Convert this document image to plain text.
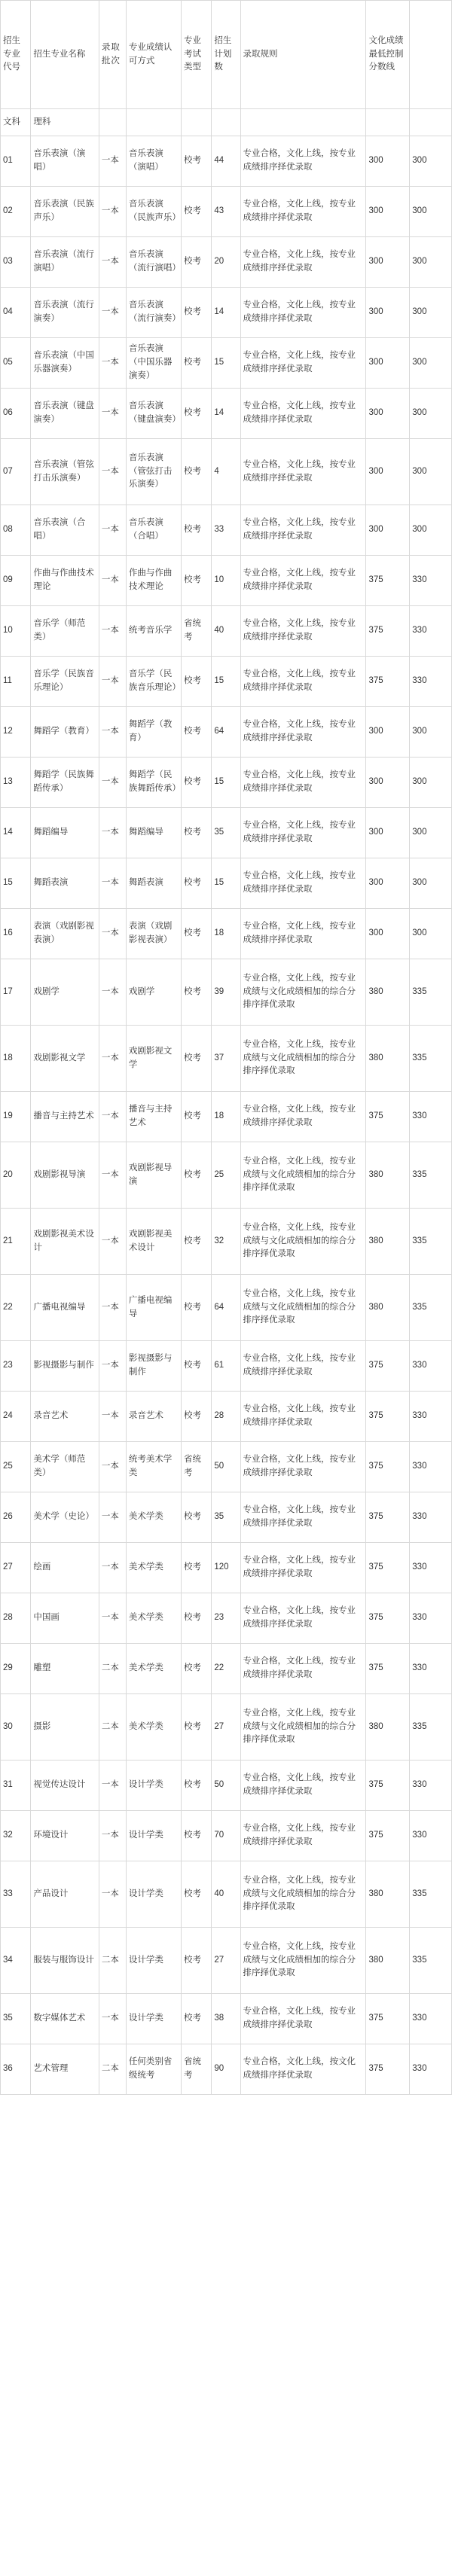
招生专业代号	招生专业名称	录取批次	专业成绩认可方式	专业考试类型	招生计划数	录取规则	文化成绩最低控制分数线	
文科	理科							
01	音乐表演（演唱）	一本	音乐表演（演唱）	校考	44	专业合格，文化上线，按专业成绩排序择优录取	300	300
02	音乐表演（民族声乐）	一本	音乐表演（民族声乐）	校考	43	专业合格，文化上线，按专业成绩排序择优录取	300	300
03	音乐表演（流行演唱）	一本	音乐表演（流行演唱）	校考	20	专业合格，文化上线，按专业成绩排序择优录取	300	300
04	音乐表演（流行演奏）	一本	音乐表演（流行演奏）	校考	14	专业合格，文化上线，按专业成绩排序择优录取	300	300
05	音乐表演（中国乐器演奏）	一本	音乐表演（中国乐器演奏）	校考	15	专业合格，文化上线，按专业成绩排序择优录取	300	300
06	音乐表演（键盘演奏）	一本	音乐表演（键盘演奏）	校考	14	专业合格，文化上线，按专业成绩排序择优录取	300	300
07	音乐表演（管弦打击乐演奏）	一本	音乐表演（管弦打击乐演奏）	校考	4	专业合格，文化上线，按专业成绩排序择优录取	300	300
08	音乐表演（合唱）	一本	音乐表演（合唱）	校考	33	专业合格，文化上线，按专业成绩排序择优录取	300	300
09	作曲与作曲技术理论	一本	作曲与作曲技术理论	校考	10	专业合格，文化上线，按专业成绩排序择优录取	375	330
10	音乐学（师范类）	一本	统考音乐学	省统考	40	专业合格，文化上线，按专业成绩排序择优录取	375	330
11	音乐学（民族音乐理论）	一本	音乐学（民族音乐理论）	校考	15	专业合格，文化上线，按专业成绩排序择优录取	375	330
12	舞蹈学（教育）	一本	舞蹈学（教育）	校考	64	专业合格，文化上线，按专业成绩排序择优录取	300	300
13	舞蹈学（民族舞蹈传承）	一本	舞蹈学（民族舞蹈传承）	校考	15	专业合格，文化上线，按专业成绩排序择优录取	300	300
14	舞蹈编导	一本	舞蹈编导	校考	35	专业合格，文化上线，按专业成绩排序择优录取	300	300
15	舞蹈表演	一本	舞蹈表演	校考	15	专业合格，文化上线，按专业成绩排序择优录取	300	300
16	表演（戏剧影视表演）	一本	表演（戏剧影视表演）	校考	18	专业合格，文化上线，按专业成绩排序择优录取	300	300
17	戏剧学	一本	戏剧学	校考	39	专业合格，文化上线，按专业成绩与文化成绩相加的综合分排序择优录取	380	335
18	戏剧影视文学	一本	戏剧影视文学	校考	37	专业合格，文化上线，按专业成绩与文化成绩相加的综合分排序择优录取	380	335
19	播音与主持艺术	一本	播音与主持艺术	校考	18	专业合格，文化上线，按专业成绩排序择优录取	375	330
20	戏剧影视导演	一本	戏剧影视导演	校考	25	专业合格，文化上线，按专业成绩与文化成绩相加的综合分排序择优录取	380	335
21	戏剧影视美术设计	一本	戏剧影视美术设计	校考	32	专业合格，文化上线，按专业成绩与文化成绩相加的综合分排序择优录取	380	335
22	广播电视编导	一本	广播电视编导	校考	64	专业合格，文化上线，按专业成绩与文化成绩相加的综合分排序择优录取	380	335
23	影视摄影与制作	一本	影视摄影与制作	校考	61	专业合格，文化上线，按专业成绩排序择优录取	375	330
24	录音艺术	一本	录音艺术	校考	28	专业合格，文化上线，按专业成绩排序择优录取	375	330
25	美术学（师范类）	一本	统考美术学类	省统考	50	专业合格，文化上线，按专业成绩排序择优录取	375	330
26	美术学（史论）	一本	美术学类	校考	35	专业合格，文化上线，按专业成绩排序择优录取	375	330
27	绘画	一本	美术学类	校考	120	专业合格，文化上线，按专业成绩排序择优录取	375	330
28	中国画	一本	美术学类	校考	23	专业合格，文化上线，按专业成绩排序择优录取	375	330
29	雕塑	二本	美术学类	校考	22	专业合格，文化上线，按专业成绩排序择优录取	375	330
30	摄影	二本	美术学类	校考	27	专业合格，文化上线，按专业成绩与文化成绩相加的综合分排序择优录取	380	335
31	视觉传达设计	一本	设计学类	校考	50	专业合格，文化上线，按专业成绩排序择优录取	375	330
32	环境设计	一本	设计学类	校考	70	专业合格，文化上线，按专业成绩排序择优录取	375	330
33	产品设计	一本	设计学类	校考	40	专业合格，文化上线，按专业成绩与文化成绩相加的综合分排序择优录取	380	335
34	服装与服饰设计	二本	设计学类	校考	27	专业合格，文化上线，按专业成绩与文化成绩相加的综合分排序择优录取	380	335
35	数字媒体艺术	一本	设计学类	校考	38	专业合格，文化上线，按专业成绩排序择优录取	375	330
36	艺术管理	二本	任何类别省级统考	省统考	90	专业合格，文化上线，按文化成绩排序择优录取	375	330
